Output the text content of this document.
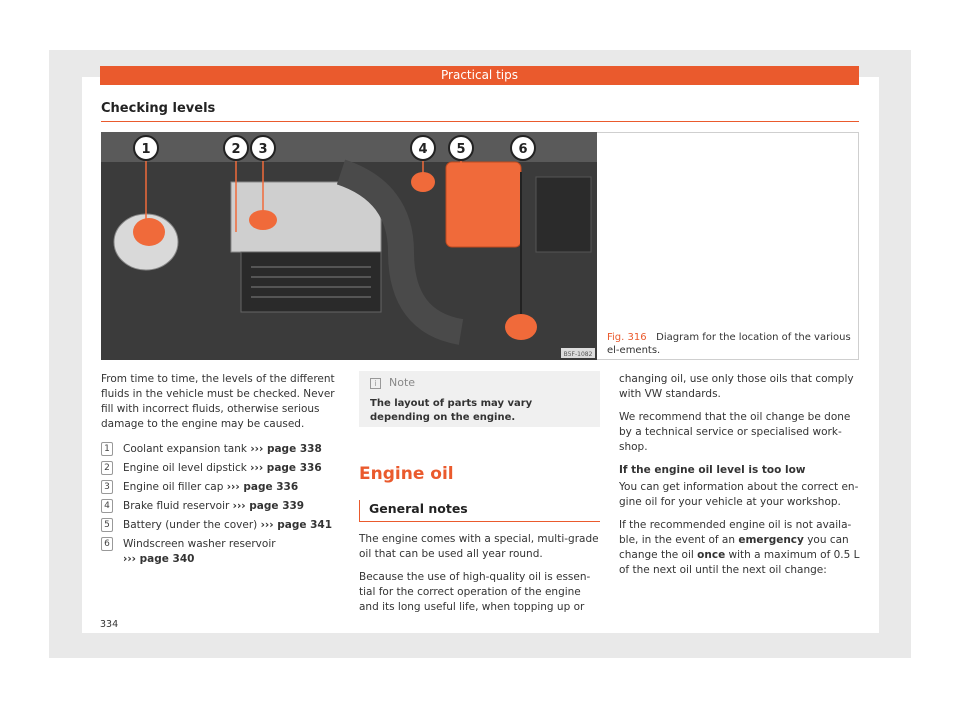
Practical tips
Checking levels
1	2 3	4 5	6
B5F-1082
Fig. 316 Diagram for the location of the various el-ements.
From time to time, the levels of the different fluids in the vehicle must be checked. Never fill with incorrect fluids, otherwise serious damage to the engine may be caused.
1 Coolant expansion tank ››› page 338
2 Engine oil level dipstick ››› page 336
3 Engine oil filler cap ››› page 336
4 Brake fluid reservoir ››› page 339
5 Battery (under the cover) ››› page 341
6 Windscreen washer reservoir
››› page 340
i Note
The layout of parts may vary depending on the engine.
Engine oil
General notes

The engine comes with a special, multi-grade oil that can be used all year round.

Because the use of high-quality oil is essen-tial for the correct operation of the engine and its long useful life, when topping up or

changing oil, use only those oils that comply with VW standards.

We recommend that the oil change be done by a technical service or specialised work-shop.

If the engine oil level is too low

You can get information about the correct en-gine oil for your vehicle at your workshop.

If the recommended engine oil is not availa-ble, in the event of an emergency you can change the oil once with a maximum of 0.5 L of the next oil until the next oil change:

334
